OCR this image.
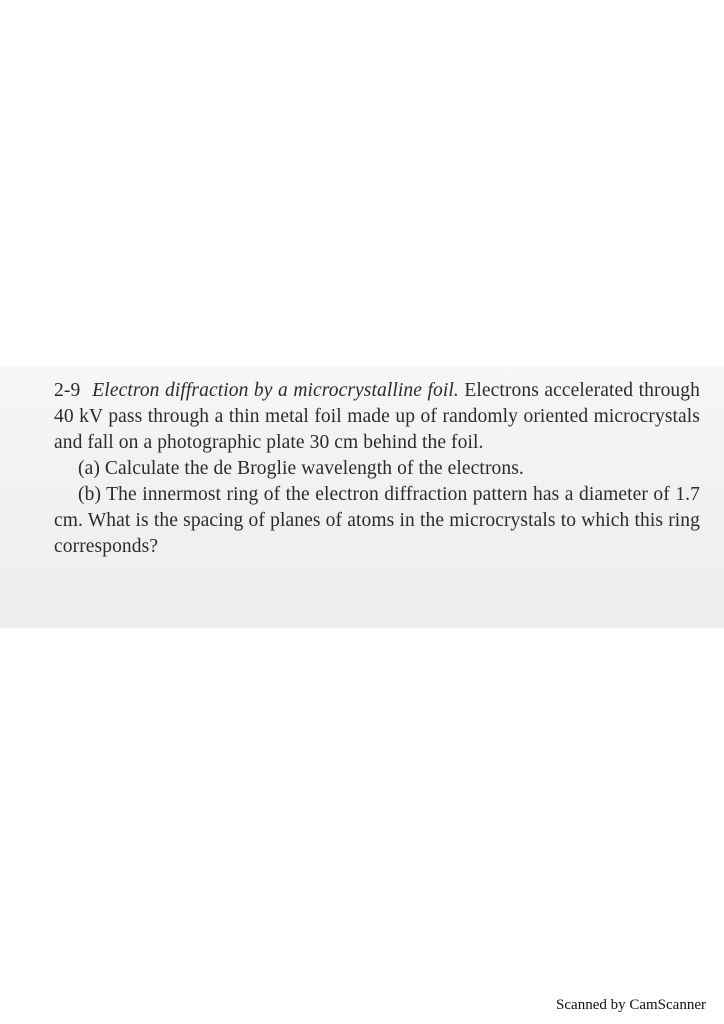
2-9 Electron diffraction by a microcrystalline foil. Electrons accelerated through 40 kV pass through a thin metal foil made up of randomly oriented microcrystals and fall on a photographic plate 30 cm behind the foil.

(a) Calculate the de Broglie wavelength of the electrons.

(b) The innermost ring of the electron diffraction pattern has a diameter of 1.7 cm. What is the spacing of planes of atoms in the microcrystals to which this ring corresponds?

Scanned by CamScanner
